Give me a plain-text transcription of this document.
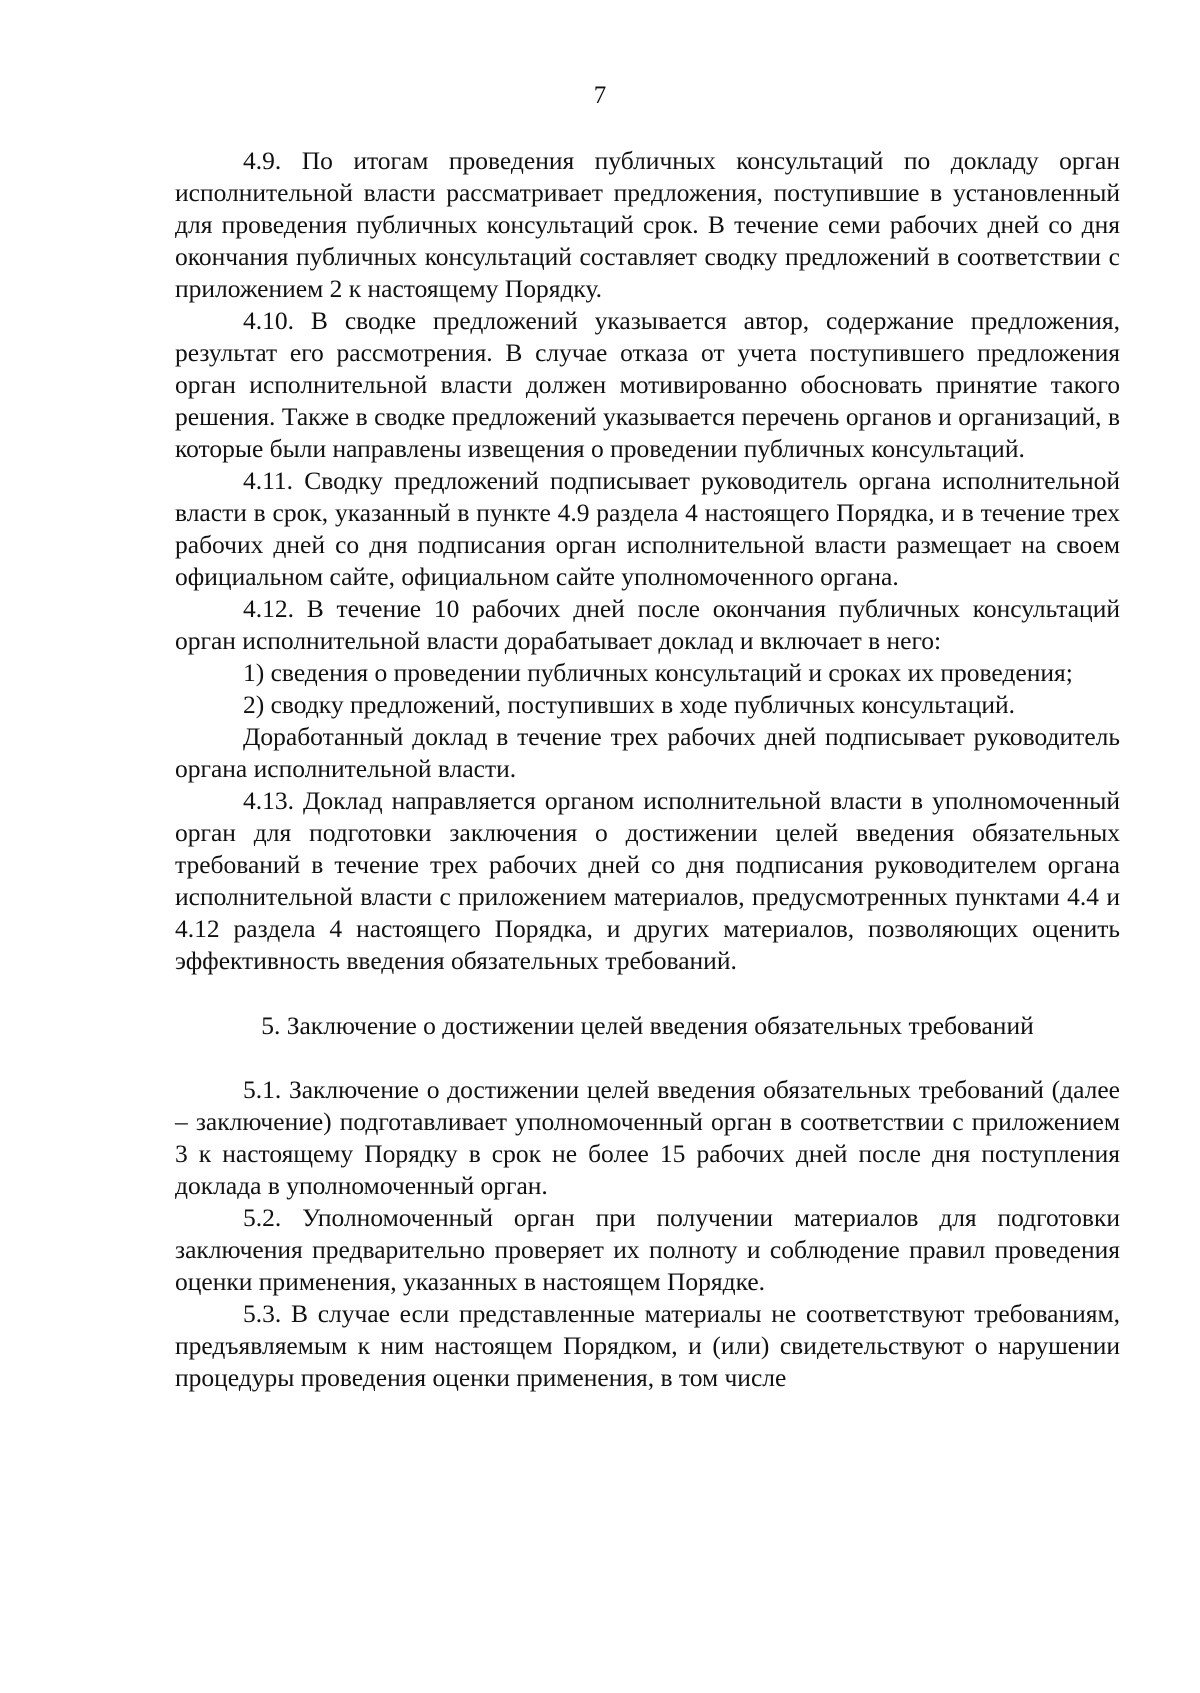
7

4.9. По итогам проведения публичных консультаций по докладу орган исполнительной власти рассматривает предложения, поступившие в установленный для проведения публичных консультаций срок. В течение семи рабочих дней со дня окончания публичных консультаций составляет сводку предложений в соответствии с приложением 2 к настоящему Порядку.

4.10. В сводке предложений указывается автор, содержание предложения, результат его рассмотрения. В случае отказа от учета поступившего предложения орган исполнительной власти должен мотивированно обосновать принятие такого решения. Также в сводке предложений указывается перечень органов и организаций, в которые были направлены извещения о проведении публичных консультаций.

4.11. Сводку предложений подписывает руководитель органа исполнительной власти в срок, указанный в пункте 4.9 раздела 4 настоящего Порядка, и в течение трех рабочих дней со дня подписания орган исполнительной власти размещает на своем официальном сайте, официальном сайте уполномоченного органа.

4.12. В течение 10 рабочих дней после окончания публичных консультаций орган исполнительной власти дорабатывает доклад и включает в него:

1) сведения о проведении публичных консультаций и сроках их проведения;

2) сводку предложений, поступивших в ходе публичных консультаций.

Доработанный доклад в течение трех рабочих дней подписывает руководитель органа исполнительной власти.

4.13. Доклад направляется органом исполнительной власти в уполномоченный орган для подготовки заключения о достижении целей введения обязательных требований в течение трех рабочих дней со дня подписания руководителем органа исполнительной власти с приложением материалов, предусмотренных пунктами 4.4 и 4.12 раздела 4 настоящего Порядка, и других материалов, позволяющих оценить эффективность введения обязательных требований.

5. Заключение о достижении целей введения обязательных требований

5.1. Заключение о достижении целей введения обязательных требований (далее – заключение) подготавливает уполномоченный орган в соответствии с приложением 3 к настоящему Порядку в срок не более 15 рабочих дней после дня поступления доклада в уполномоченный орган.

5.2. Уполномоченный орган при получении материалов для подготовки заключения предварительно проверяет их полноту и соблюдение правил проведения оценки применения, указанных в настоящем Порядке.

5.3. В случае если представленные материалы не соответствуют требованиям, предъявляемым к ним настоящем Порядком, и (или) свидетельствуют о нарушении процедуры проведения оценки применения, в том числе
